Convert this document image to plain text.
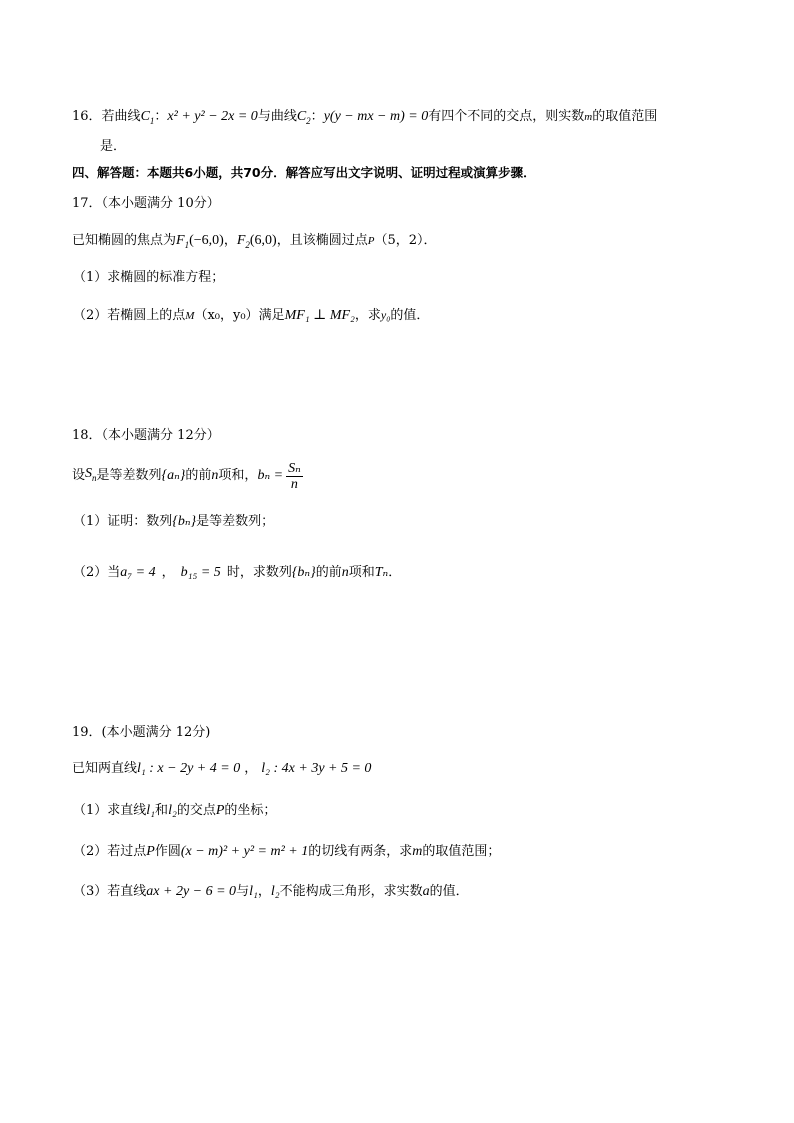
16．若曲线$C_1$：x² + y² − 2x = 0与曲线$C_2$：y(y − mx − m) = 0有四个不同的交点，则实数m的取值范围
是．
四、解答题：本题共6小题，共70分．解答应写出文字说明、证明过程或演算步骤．
17．（本小题满分 10分）
已知椭圆的焦点为$F_1(-6,0)$，$F_2(6,0)$，且该椭圆过点P（5，2）．
（1）求椭圆的标准方程；
（2）若椭圆上的点M（x₀，y₀）满足MF₁ ⊥ MF₂，求y₀的值．
18．（本小题满分 12分）
设 $S_n$ 是等差数列 {aₙ} 的前 n 项和， $b_n = \frac{\text{Sₙ}}{n}$
（1）证明：数列{bₙ}是等差数列；
（2）当a₇ = 4 ， b₁₅ = 5 时，求数列{bₙ}的前n项和Tₙ．
19．(本小题满分 12分)
已知两直线l₁ : x − 2y + 4 = 0 ， l₂ : 4x + 3y + 5 = 0
（1）求直线l₁和l₂的交点P的坐标；
（2）若过点P作圆(x − m)² + y² = m² + 1的切线有两条，求m的取值范围；
（3）若直线ax + 2y − 6 = 0与l₁，l₂不能构成三角形，求实数a的值．
